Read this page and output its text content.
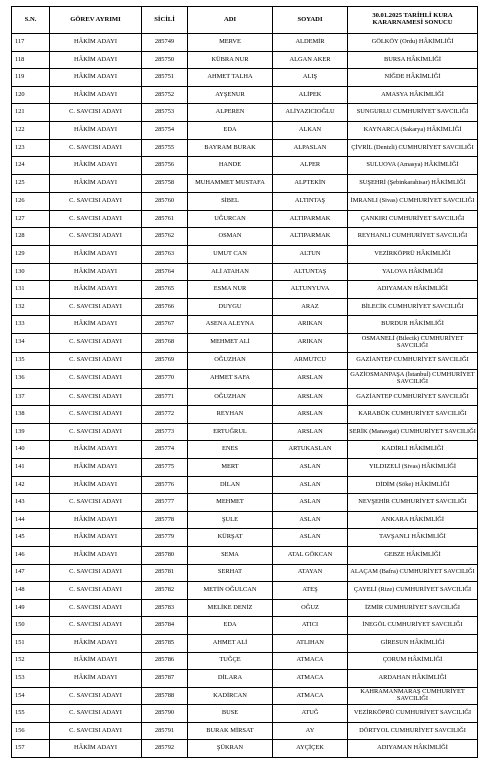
S.N.	GÖREV AYRIMI	SİCİLİ	ADI	SOYADI	30.01.2025 TARİHLİ KURA KARARNAMESİ SONUCU
117	HÂKİM ADAYI	285749	MERVE	ALDEMİR	GÖLKÖY (Ordu) HÂKİMLİĞİ
118	HÂKİM ADAYI	285750	KÜBRA NUR	ALGAN AKER	BURSA HÂKİMLİĞİ
119	HÂKİM ADAYI	285751	AHMET TALHA	ALIŞ	NİĞDE HÂKİMLİĞİ
120	HÂKİM ADAYI	285752	AYŞENUR	ALİPEK	AMASYA HÂKİMLİĞİ
121	C. SAVCISI ADAYI	285753	ALPEREN	ALİYAZICIOĞLU	SUNGURLU CUMHURİYET SAVCILIĞI
122	HÂKİM ADAYI	285754	EDA	ALKAN	KAYNARCA (Sakarya) HÂKİMLİĞİ
123	C. SAVCISI ADAYI	285755	BAYRAM BURAK	ALPASLAN	ÇİVRİL (Denizli) CUMHURİYET SAVCILIĞI
124	HÂKİM ADAYI	285756	HANDE	ALPER	SULUOVA (Amasya) HÂKİMLİĞİ
125	HÂKİM ADAYI	285758	MUHAMMET MUSTAFA	ALPTEKİN	SUŞEHRİ (Şebinkarahisar) HÂKİMLİĞİ
126	C. SAVCISI ADAYI	285760	SİBEL	ALTINTAŞ	İMRANLI (Sivas) CUMHURİYET SAVCILIĞI
127	C. SAVCISI ADAYI	285761	UĞURCAN	ALTIPARMAK	ÇANKIRI CUMHURİYET SAVCILIĞI
128	C. SAVCISI ADAYI	285762	OSMAN	ALTIPARMAK	REYHANLI CUMHURİYET SAVCILIĞI
129	HÂKİM ADAYI	285763	UMUT CAN	ALTUN	VEZİRKÖPRÜ HÂKİMLİĞİ
130	HÂKİM ADAYI	285764	ALİ ATAHAN	ALTUNTAŞ	YALOVA HÂKİMLİĞİ
131	HÂKİM ADAYI	285765	ESMA NUR	ALTUNYUVA	ADIYAMAN HÂKİMLİĞİ
132	C. SAVCISI ADAYI	285766	DUYGU	ARAZ	BİLECİK CUMHURİYET SAVCILIĞI
133	HÂKİM ADAYI	285767	ASENA ALEYNA	ARIKAN	BURDUR HÂKİMLİĞİ
134	C. SAVCISI ADAYI	285768	MEHMET ALİ	ARIKAN	OSMANELİ (Bilecik) CUMHURİYET SAVCILIĞI
135	C. SAVCISI ADAYI	285769	OĞUZHAN	ARMUTCU	GAZİANTEP CUMHURİYET SAVCILIĞI
136	C. SAVCISI ADAYI	285770	AHMET SAFA	ARSLAN	GAZİOSMANPAŞA (İstanbul) CUMHURİYET SAVCILIĞI
137	C. SAVCISI ADAYI	285771	OĞUZHAN	ARSLAN	GAZİANTEP CUMHURİYET SAVCILIĞI
138	C. SAVCISI ADAYI	285772	REYHAN	ARSLAN	KARABÜK CUMHURİYET SAVCILIĞI
139	C. SAVCISI ADAYI	285773	ERTUĞRUL	ARSLAN	SERİK (Manavgat) CUMHURİYET SAVCILIĞI
140	HÂKİM ADAYI	285774	ENES	ARTUKASLAN	KADİRLİ HÂKİMLİĞİ
141	HÂKİM ADAYI	285775	MERT	ASLAN	YILDIZELİ (Sivas) HÂKİMLİĞİ
142	HÂKİM ADAYI	285776	DİLAN	ASLAN	DİDİM (Söke) HÂKİMLİĞİ
143	C. SAVCISI ADAYI	285777	MEHMET	ASLAN	NEVŞEHİR CUMHURİYET SAVCILIĞI
144	HÂKİM ADAYI	285778	ŞULE	ASLAN	ANKARA HÂKİMLİĞİ
145	HÂKİM ADAYI	285779	KÜRŞAT	ASLAN	TAVŞANLI HÂKİMLİĞİ
146	HÂKİM ADAYI	285780	SEMA	ATAL GÖKCAN	GEBZE HÂKİMLİĞİ
147	C. SAVCISI ADAYI	285781	SERHAT	ATAYAN	ALAÇAM (Bafra) CUMHURİYET SAVCILIĞI
148	C. SAVCISI ADAYI	285782	METİN OĞULCAN	ATEŞ	ÇAYELİ (Rize) CUMHURİYET SAVCILIĞI
149	C. SAVCISI ADAYI	285783	MELİKE DENİZ	OĞUZ	İZMİR CUMHURİYET SAVCILIĞI
150	C. SAVCISI ADAYI	285784	EDA	ATICI	İNEGÖL CUMHURİYET SAVCILIĞI
151	HÂKİM ADAYI	285785	AHMET ALİ	ATLIHAN	GİRESUN HÂKİMLİĞİ
152	HÂKİM ADAYI	285786	TUĞÇE	ATMACA	ÇORUM HÂKİMLİĞİ
153	HÂKİM ADAYI	285787	DİLARA	ATMACA	ARDAHAN HÂKİMLİĞİ
154	C. SAVCISI ADAYI	285788	KADİRCAN	ATMACA	KAHRAMANMARAŞ CUMHURİYET SAVCILIĞI
155	C. SAVCISI ADAYI	285790	BUSE	ATUĞ	VEZİRKÖPRÜ CUMHURİYET SAVCILIĞI
156	C. SAVCISI ADAYI	285791	BURAK MİRSAT	AY	DÖRTYOL CUMHURİYET SAVCILIĞI
157	HÂKİM ADAYI	285792	ŞÜKRAN	AYÇİÇEK	ADIYAMAN HÂKİMLİĞİ
